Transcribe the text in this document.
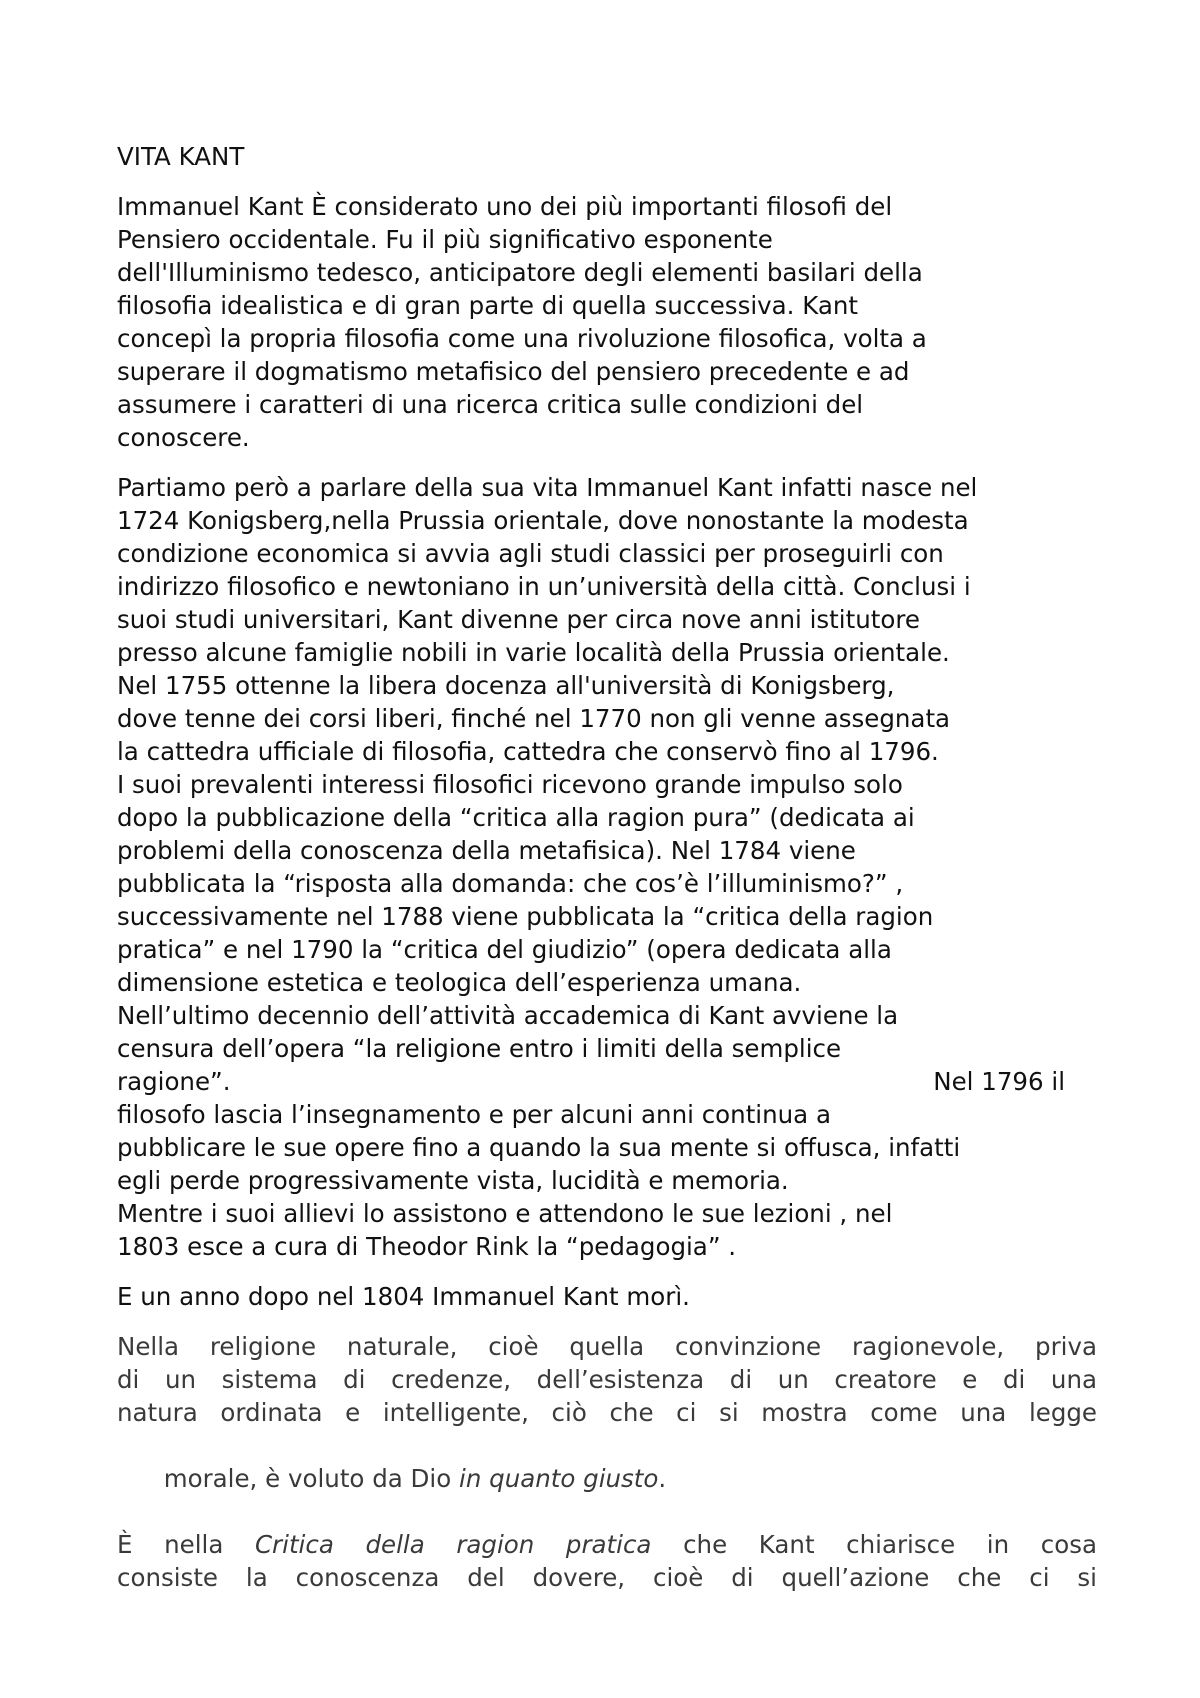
VITA KANT
Immanuel Kant È considerato uno dei più importanti filosofi del
Pensiero occidentale. Fu il più significativo esponente
dell'Illuminismo tedesco, anticipatore degli elementi basilari della
filosofia idealistica e di gran parte di quella successiva. Kant
concepì la propria filosofia come una rivoluzione filosofica, volta a
superare il dogmatismo metafisico del pensiero precedente e ad
assumere i caratteri di una ricerca critica sulle condizioni del
conoscere.
Partiamo però a parlare della sua vita Immanuel Kant infatti nasce nel
1724 Konigsberg,nella Prussia orientale, dove nonostante la modesta
condizione economica si avvia agli studi classici per proseguirli con
indirizzo filosofico e newtoniano in un’università della città. Conclusi i
suoi studi universitari, Kant divenne per circa nove anni istitutore
presso alcune famiglie nobili in varie località della Prussia orientale.
Nel 1755 ottenne la libera docenza all'università di Konigsberg,
dove tenne dei corsi liberi, finché nel 1770 non gli venne assegnata
la cattedra ufficiale di filosofia, cattedra che conservò fino al 1796.
I suoi prevalenti interessi filosofici ricevono grande impulso solo
dopo la pubblicazione della “critica alla ragion pura” (dedicata ai
problemi della conoscenza della metafisica). Nel 1784 viene
pubblicata la “risposta alla domanda: che cos’è l’illuminismo?” ,
successivamente nel 1788 viene pubblicata la “critica della ragion
pratica” e nel 1790 la “critica del giudizio” (opera dedicata alla
dimensione estetica e teologica dell’esperienza umana.
Nell’ultimo decennio dell’attività accademica di Kant avviene la
censura dell’opera “la religione entro i limiti della semplice
ragione”.	Nel 1796 il
filosofo lascia l’insegnamento e per alcuni anni continua a
pubblicare le sue opere fino a quando la sua mente si offusca, infatti
egli perde progressivamente vista, lucidità e memoria.
Mentre i suoi allievi lo assistono e attendono le sue lezioni , nel
1803 esce a cura di Theodor Rink la “pedagogia” .
E un anno dopo nel 1804 Immanuel Kant morì.
Nella religione naturale, cioè quella convinzione ragionevole, priva
di un sistema di credenze, dell’esistenza di un creatore e di una
natura ordinata e intelligente, ciò che ci si mostra come una legge

morale, è voluto da Dio in quanto giusto.

È nella Critica della ragion pratica che Kant chiarisce in cosa
consiste la conoscenza del dovere, cioè di quell’azione che ci si
